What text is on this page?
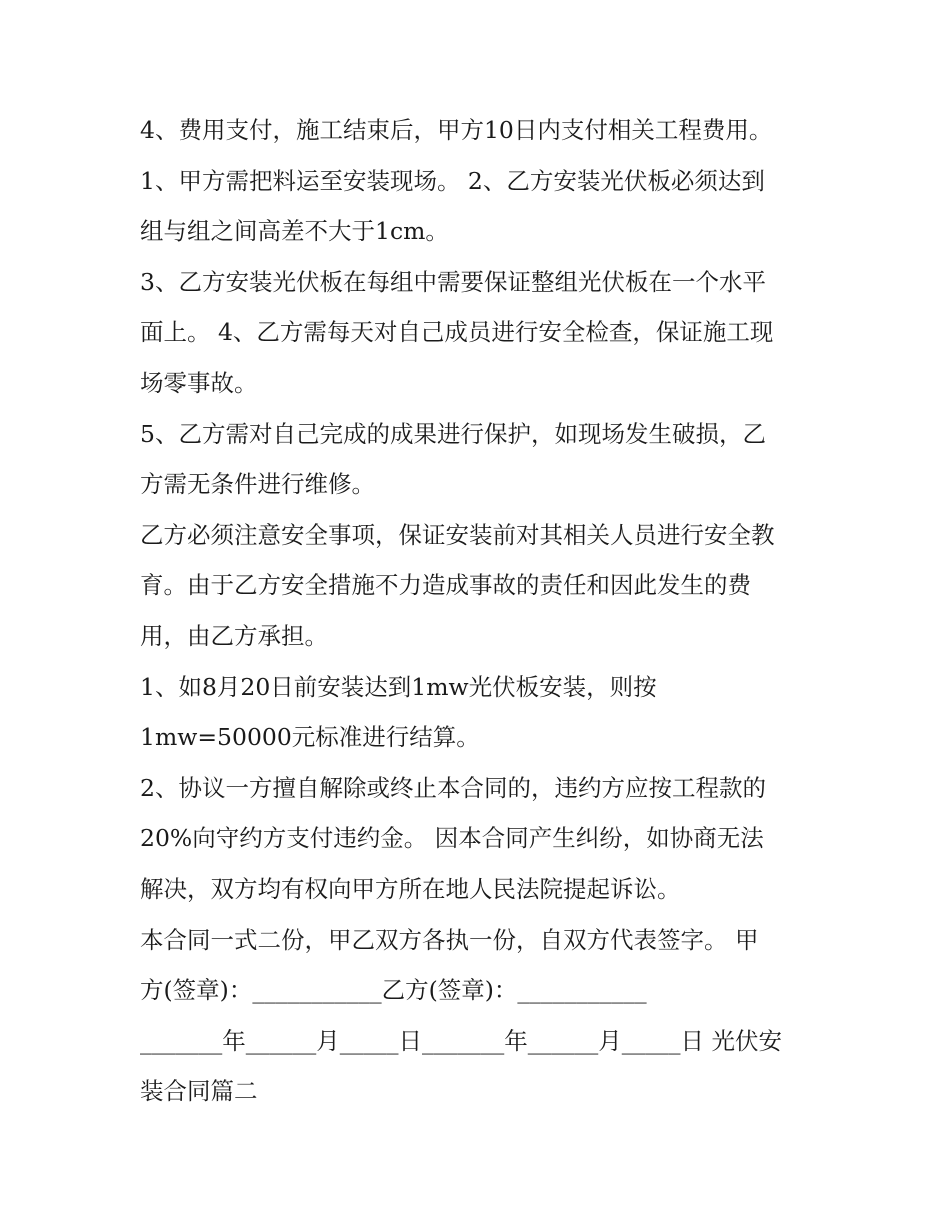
4、费用支付，施工结束后，甲方10日内支付相关工程费用。
1、甲方需把料运至安装现场。 2、乙方安装光伏板必须达到
组与组之间高差不大于1cm。
3、乙方安装光伏板在每组中需要保证整组光伏板在一个水平
面上。 4、乙方需每天对自己成员进行安全检查，保证施工现
场零事故。
5、乙方需对自己完成的成果进行保护，如现场发生破损，乙
方需无条件进行维修。
乙方必须注意安全事项，保证安装前对其相关人员进行安全教
育。由于乙方安全措施不力造成事故的责任和因此发生的费
用，由乙方承担。
1、如8月20日前安装达到1mw光伏板安装，则按
1mw=50000元标准进行结算。
2、协议一方擅自解除或终止本合同的，违约方应按工程款的
20%向守约方支付违约金。 因本合同产生纠纷，如协商无法
解决，双方均有权向甲方所在地人民法院提起诉讼。
本合同一式二份，甲乙双方各执一份，自双方代表签字。 甲
方(签章)：___________乙方(签章)：___________
_______年______月_____日_______年______月_____日 光伏安
装合同篇二
